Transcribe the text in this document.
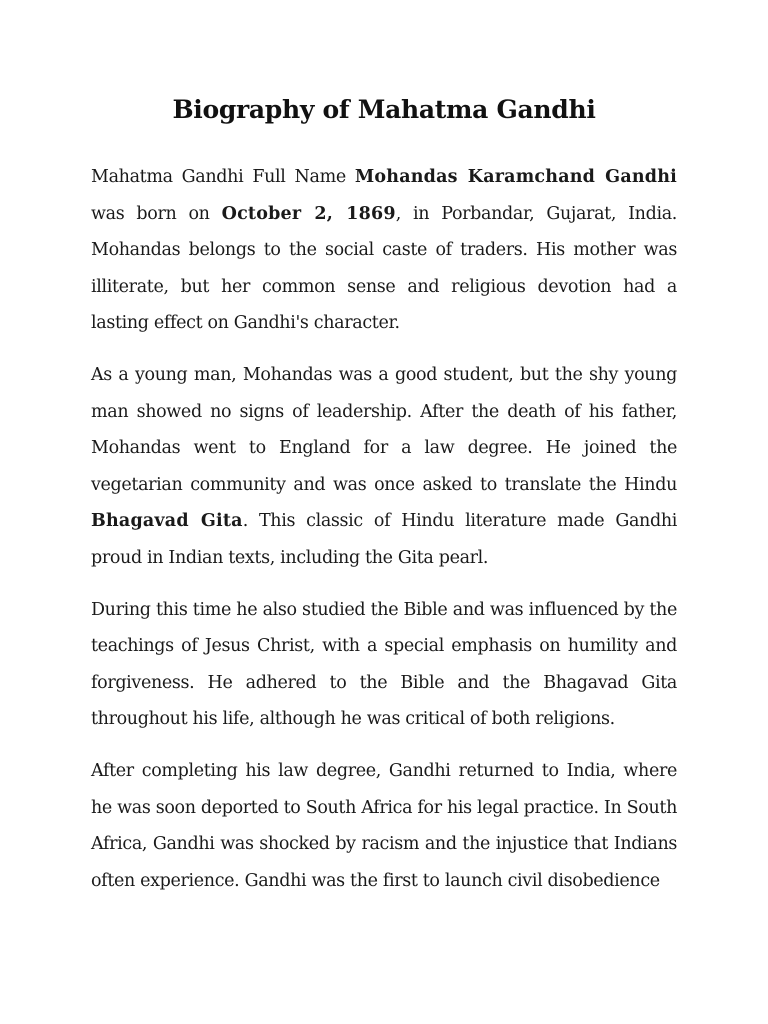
Biography of Mahatma Gandhi

Mahatma Gandhi Full Name Mohandas Karamchand Gandhi was born on October 2, 1869, in Porbandar, Gujarat, India. Mohandas belongs to the social caste of traders. His mother was illiterate, but her common sense and religious devotion had a lasting effect on Gandhi's character.

As a young man, Mohandas was a good student, but the shy young man showed no signs of leadership. After the death of his father, Mohandas went to England for a law degree. He joined the vegetarian community and was once asked to translate the Hindu Bhagavad Gita. This classic of Hindu literature made Gandhi proud in Indian texts, including the Gita pearl.

During this time he also studied the Bible and was influenced by the teachings of Jesus Christ, with a special emphasis on humility and forgiveness. He adhered to the Bible and the Bhagavad Gita throughout his life, although he was critical of both religions.

After completing his law degree, Gandhi returned to India, where he was soon deported to South Africa for his legal practice. In South Africa, Gandhi was shocked by racism and the injustice that Indians often experience. Gandhi was the first to launch civil disobedience
